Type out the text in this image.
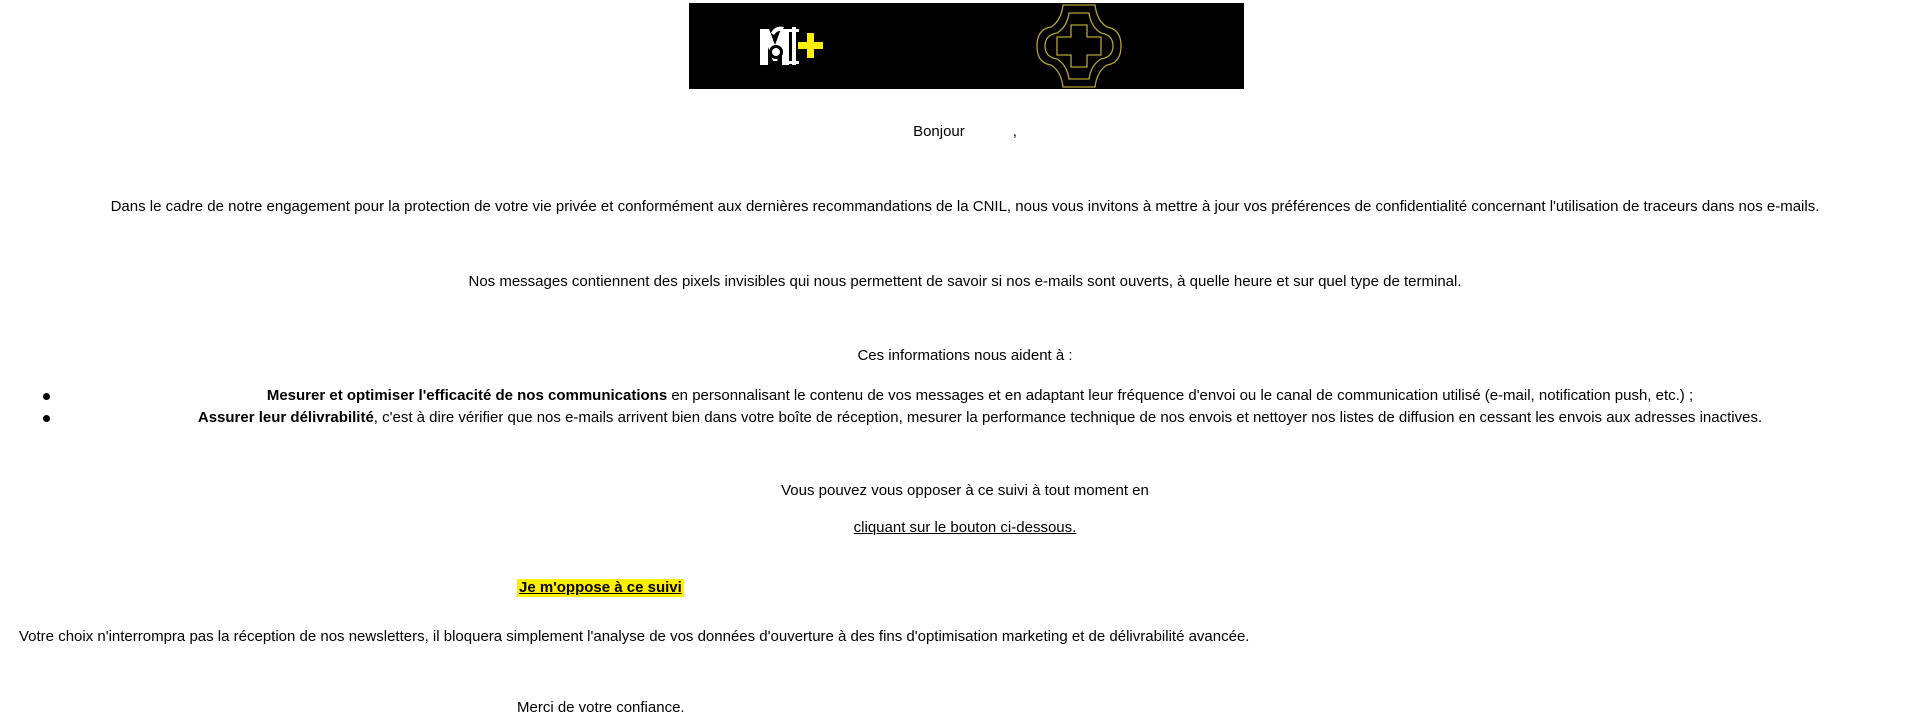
Bonjour	,
Dans le cadre de notre engagement pour la protection de votre vie privée et conformément aux dernières recommandations de la CNIL, nous vous invitons à mettre à jour vos préférences de confidentialité concernant l'utilisation de traceurs dans nos e-mails.
Nos messages contiennent des pixels invisibles qui nous permettent de savoir si nos e-mails sont ouverts, à quelle heure et sur quel type de terminal.
Ces informations nous aident à :
Mesurer et optimiser l'efficacité de nos communications en personnalisant le contenu de vos messages et en adaptant leur fréquence d'envoi ou le canal de communication utilisé (e-mail, notification push, etc.) ;
Assurer leur délivrabilité, c'est à dire vérifier que nos e-mails arrivent bien dans votre boîte de réception, mesurer la performance technique de nos envois et nettoyer nos listes de diffusion en cessant les envois aux adresses inactives.
Vous pouvez vous opposer à ce suivi à tout moment en
cliquant sur le bouton ci-dessous.
Je m'oppose à ce suivi
Votre choix n'interrompra pas la réception de nos newsletters, il bloquera simplement l'analyse de vos données d'ouverture à des fins d'optimisation marketing et de délivrabilité avancée.
Merci de votre confiance.
